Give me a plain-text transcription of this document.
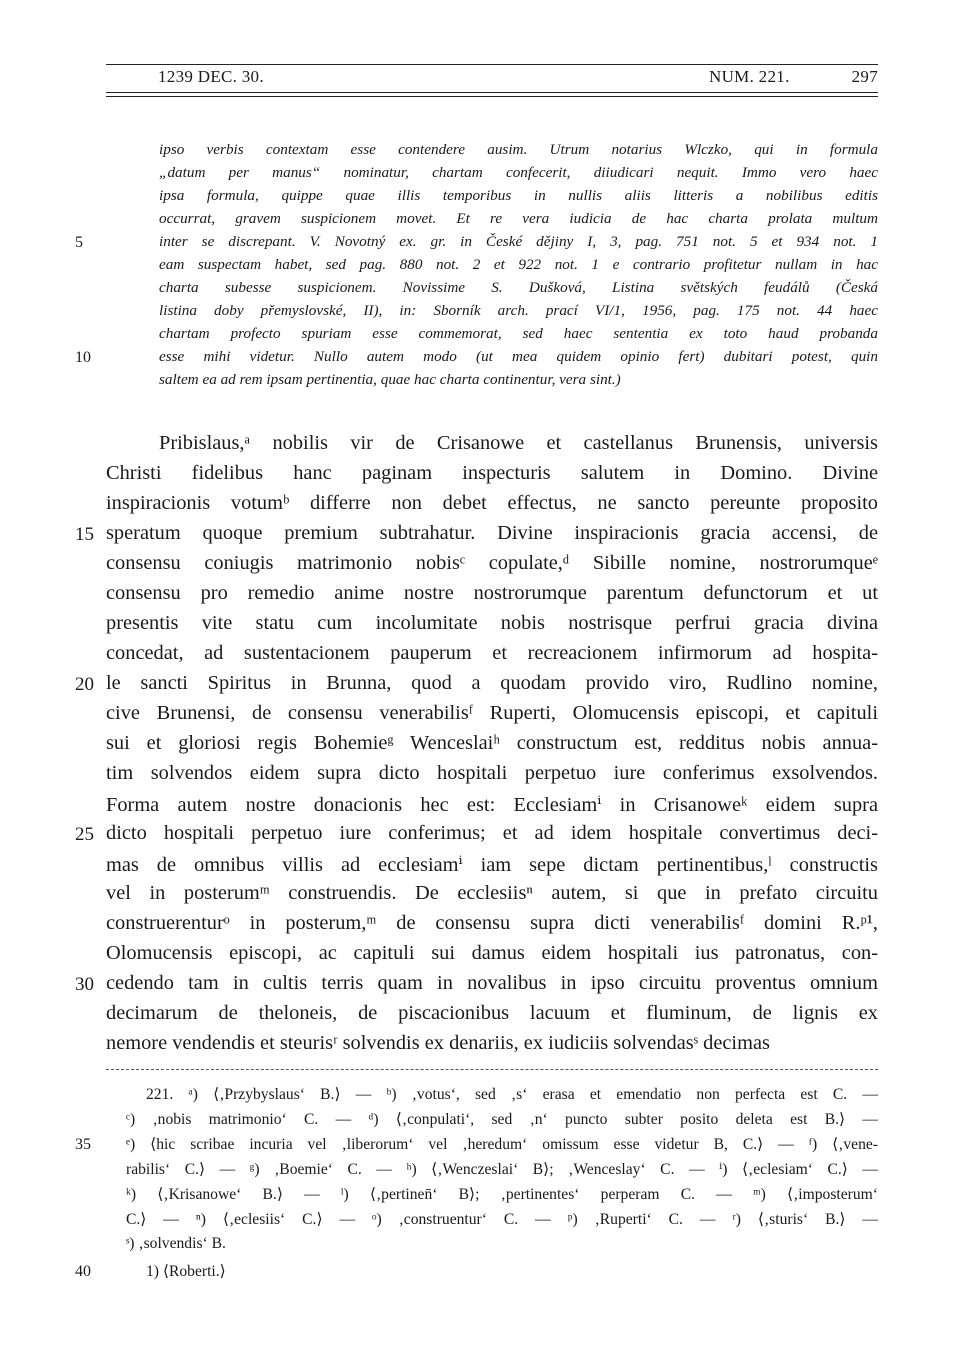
1239 DEC. 30.	NUM. 221.	297
ipso verbis contextam esse contendere ausim. Utrum notarius Wlczko, qui in formula
„datum per manus“ nominatur, chartam confecerit, diiudicari nequit. Immo vero haec
ipsa formula, quippe quae illis temporibus in nullis aliis litteris a nobilibus editis
occurrat, gravem suspicionem movet. Et re vera iudicia de hac charta prolata multum
inter se discrepant. V. Novotný ex. gr. in České dějiny I, 3, pag. 751 not. 5 et 934 not. 1
eam suspectam habet, sed pag. 880 not. 2 et 922 not. 1 e contrario profitetur nullam in hac
charta subesse suspicionem. Novissime S. Dušková, Listina světských feudálů (Česká
listina doby přemyslovské, II), in: Sborník arch. prací VI/1, 1956, pag. 175 not. 44 haec
chartam profecto spuriam esse commemorat, sed haec sententia ex toto haud probanda
esse mihi videtur. Nullo autem modo (ut mea quidem opinio fert) dubitari potest, quin
saltem ea ad rem ipsam pertinentia, quae hac charta continentur, vera sint.)
5
10
Pribislaus,ᵃ nobilis vir de Crisanowe et castellanus Brunensis, universis
Christi fidelibus hanc paginam inspecturis salutem in Domino. Divine
inspiracionis votumᵇ differre non debet effectus, ne sancto pereunte proposito
speratum quoque premium subtrahatur. Divine inspiracionis gracia accensi, de
consensu coniugis matrimonio nobisᶜ copulate,ᵈ Sibille nomine, nostrorumqueᵉ
consensu pro remedio anime nostre nostrorumque parentum defunctorum et ut
presentis vite statu cum incolumitate nobis nostrisque perfrui gracia divina
concedat, ad sustentacionem pauperum et recreacionem infirmorum ad hospita-
le sancti Spiritus in Brunna, quod a quodam provido viro, Rudlino nomine,
cive Brunensi, de consensu venerabilisᶠ Ruperti, Olomucensis episcopi, et capituli
sui et gloriosi regis Bohemieᵍ Wenceslaiʰ constructum est, redditus nobis annua-
tim solvendos eidem supra dicto hospitali perpetuo iure conferimus exsolvendos.
Forma autem nostre donacionis hec est: Ecclesiamⁱ in Crisanoweᵏ eidem supra
dicto hospitali perpetuo iure conferimus; et ad idem hospitale convertimus deci-
mas de omnibus villis ad ecclesiamⁱ iam sepe dictam pertinentibus,ˡ constructis
vel in posterumᵐ construendis. De ecclesiisⁿ autem, si que in prefato circuitu
construerenturᵒ in posterum,ᵐ de consensu supra dicti venerabilisᶠ domini R.ᵖ¹,
Olomucensis episcopi, ac capituli sui damus eidem hospitali ius patronatus, con-
cedendo tam in cultis terris quam in novalibus in ipso circuitu proventus omnium
decimarum de theloneis, de piscacionibus lacuum et fluminum, de lignis ex
nemore vendendis et steurisʳ solvendis ex denariis, ex iudiciis solvendasˢ decimas
15
20
25
30
221. ᵃ) ⟨‚Przybyslaus‘ B.⟩ — ᵇ) ‚votus‘, sed ‚s‘ erasa et emendatio non perfecta est C. —
ᶜ) ‚nobis matrimonio‘ C. — ᵈ) ⟨‚conpulati‘, sed ‚n‘ puncto subter posito deleta est B.⟩ —
ᵉ) ⟨hic scribae incuria vel ‚liberorum‘ vel ‚heredum‘ omissum esse videtur B, C.⟩ — ᶠ) ⟨‚vene-
rabilis‘ C.⟩ — ᵍ) ‚Boemie‘ C. — ʰ) ⟨‚Wenczeslai‘ B⟩; ‚Wenceslay‘ C. — ⁱ) ⟨‚eclesiam‘ C.⟩ —
ᵏ) ⟨‚Krisanowe‘ B.⟩ — ˡ) ⟨‚pertinen̄‘ B⟩; ‚pertinentes‘ perperam C. — ᵐ) ⟨‚imposterum‘
C.⟩ — ⁿ) ⟨‚eclesiis‘ C.⟩ — ᵒ) ‚construentur‘ C. — ᵖ) ‚Ruperti‘ C. — ʳ) ⟨‚sturis‘ B.⟩ —
ˢ) ‚solvendis‘ B.
35
40	1) ⟨Roberti.⟩
